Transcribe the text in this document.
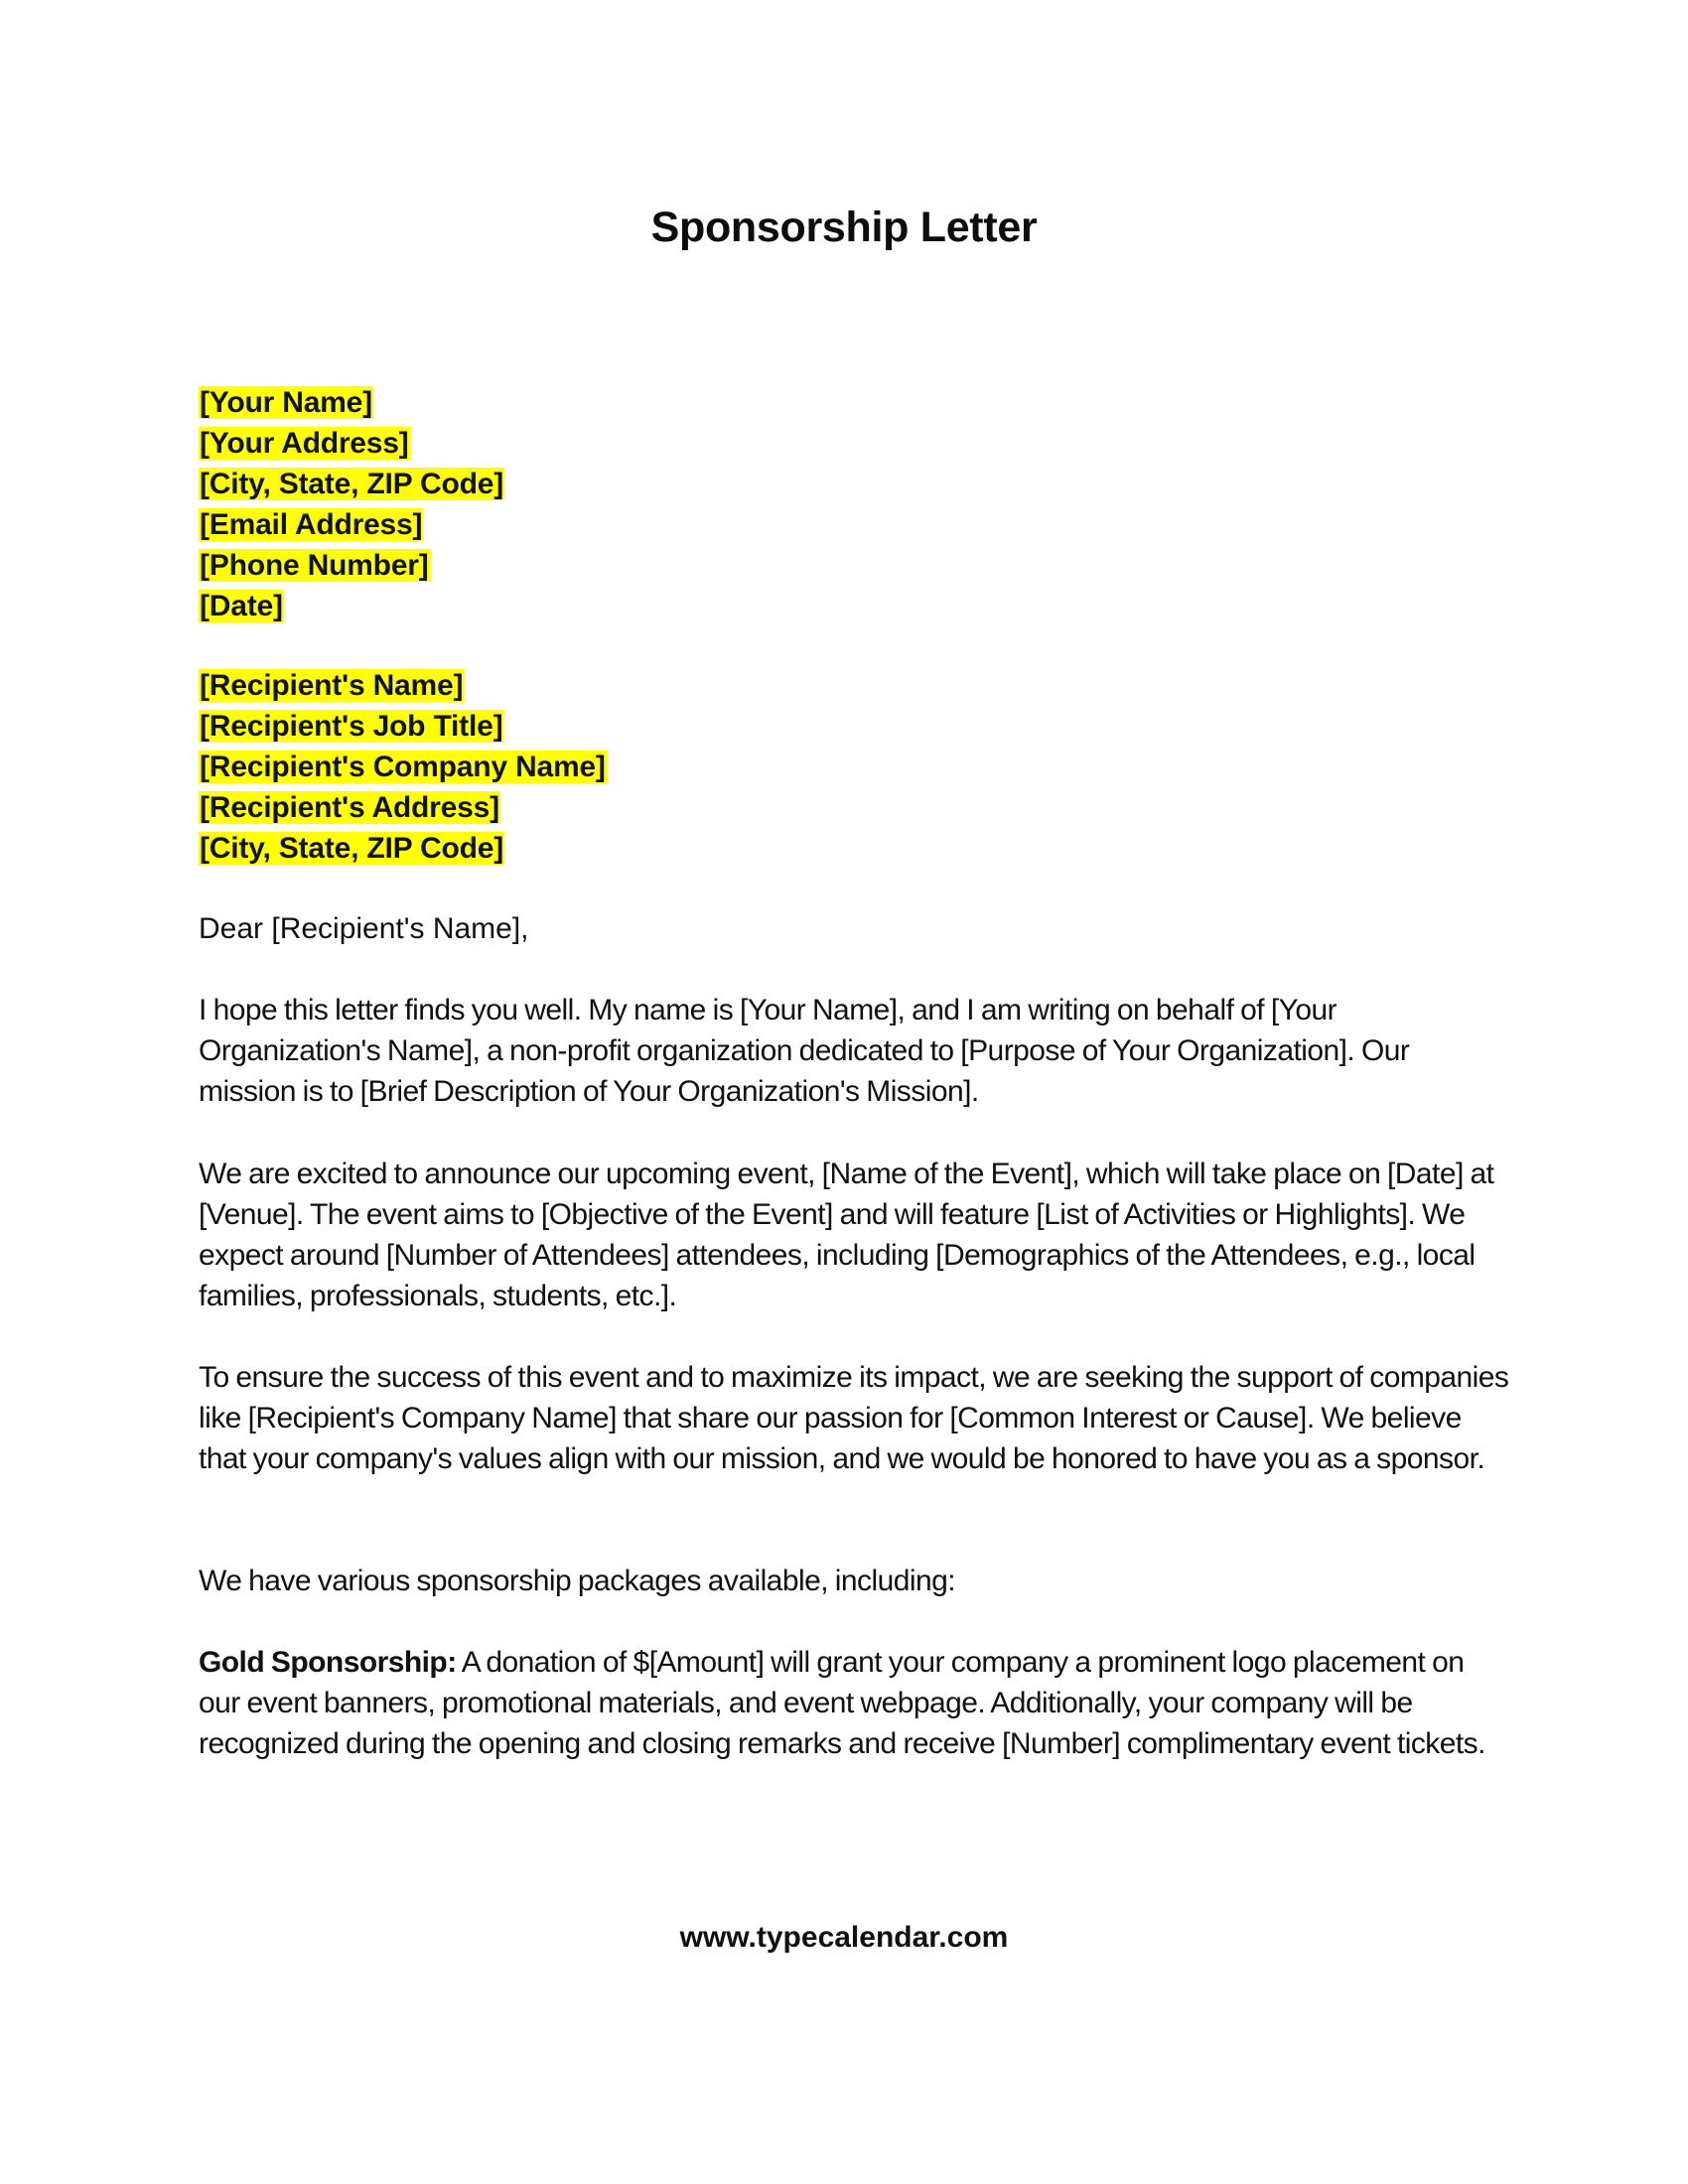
Sponsorship Letter
[Your Name]
[Your Address]
[City, State, ZIP Code]
[Email Address]
[Phone Number]
[Date]
[Recipient's Name]
[Recipient's Job Title]
[Recipient's Company Name]
[Recipient's Address]
[City, State, ZIP Code]
Dear [Recipient's Name],
I hope this letter finds you well. My name is [Your Name], and I am writing on behalf of [Your Organization's Name], a non-profit organization dedicated to [Purpose of Your Organization]. Our mission is to [Brief Description of Your Organization's Mission].
We are excited to announce our upcoming event, [Name of the Event], which will take place on [Date] at [Venue]. The event aims to [Objective of the Event] and will feature [List of Activities or Highlights]. We expect around [Number of Attendees] attendees, including [Demographics of the Attendees, e.g., local families, professionals, students, etc.].
To ensure the success of this event and to maximize its impact, we are seeking the support of companies like [Recipient's Company Name] that share our passion for [Common Interest or Cause]. We believe that your company's values align with our mission, and we would be honored to have you as a sponsor.
We have various sponsorship packages available, including:
Gold Sponsorship: A donation of $[Amount] will grant your company a prominent logo placement on our event banners, promotional materials, and event webpage. Additionally, your company will be recognized during the opening and closing remarks and receive [Number] complimentary event tickets.
www.typecalendar.com
